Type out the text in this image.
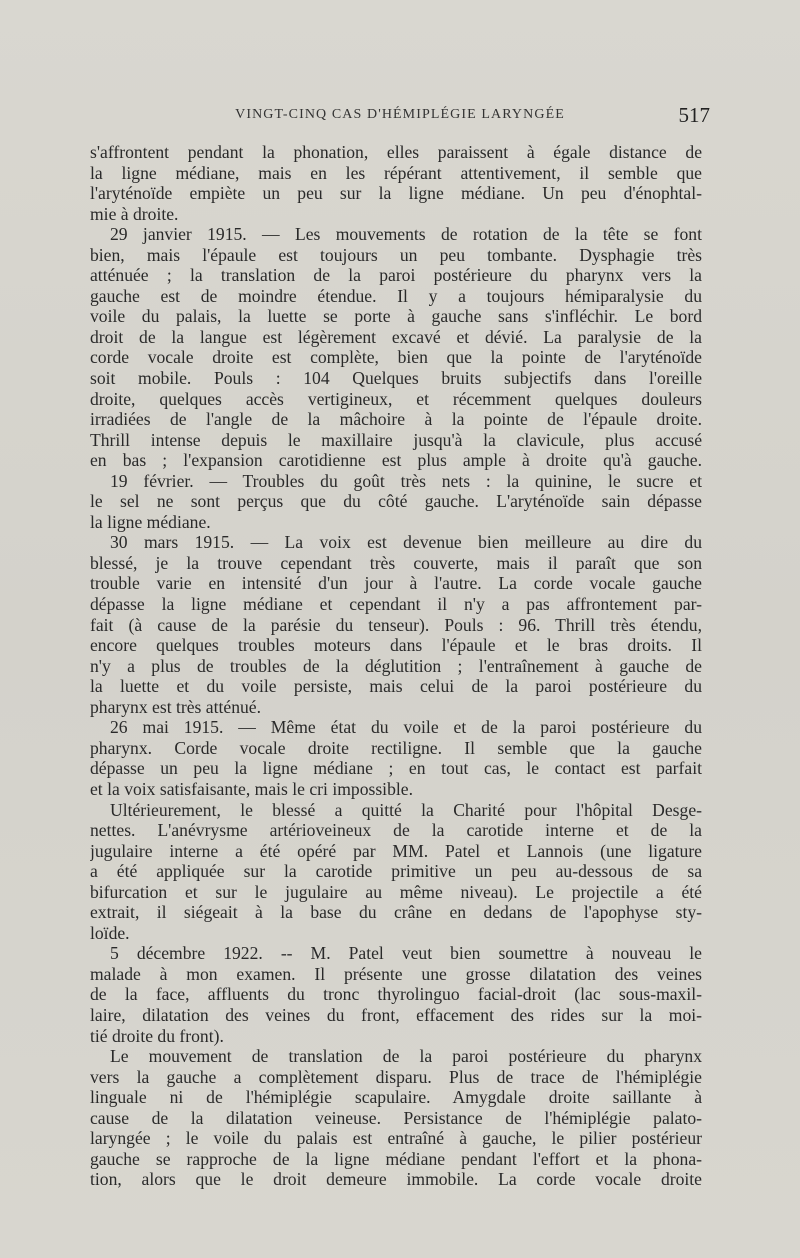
VINGT-CINQ CAS D'HÉMIPLÉGIE LARYNGÉE	517
s'affrontent pendant la phonation, elles paraissent à égale distance de
la ligne médiane, mais en les répérant attentivement, il semble que
l'aryténoïde empiète un peu sur la ligne médiane. Un peu d'énophtal-
mie à droite.
29 janvier 1915. — Les mouvements de rotation de la tête se font
bien, mais l'épaule est toujours un peu tombante. Dysphagie très
atténuée ; la translation de la paroi postérieure du pharynx vers la
gauche est de moindre étendue. Il y a toujours hémiparalysie du
voile du palais, la luette se porte à gauche sans s'infléchir. Le bord
droit de la langue est légèrement excavé et dévié. La paralysie de la
corde vocale droite est complète, bien que la pointe de l'aryténoïde
soit mobile. Pouls : 104 Quelques bruits subjectifs dans l'oreille
droite, quelques accès vertigineux, et récemment quelques douleurs
irradiées de l'angle de la mâchoire à la pointe de l'épaule droite.
Thrill intense depuis le maxillaire jusqu'à la clavicule, plus accusé
en bas ; l'expansion carotidienne est plus ample à droite qu'à gauche.
19 février. — Troubles du goût très nets : la quinine, le sucre et
le sel ne sont perçus que du côté gauche. L'aryténoïde sain dépasse
la ligne médiane.
30 mars 1915. — La voix est devenue bien meilleure au dire du
blessé, je la trouve cependant très couverte, mais il paraît que son
trouble varie en intensité d'un jour à l'autre. La corde vocale gauche
dépasse la ligne médiane et cependant il n'y a pas affrontement par-
fait (à cause de la parésie du tenseur). Pouls : 96. Thrill très étendu,
encore quelques troubles moteurs dans l'épaule et le bras droits. Il
n'y a plus de troubles de la déglutition ; l'entraînement à gauche de
la luette et du voile persiste, mais celui de la paroi postérieure du
pharynx est très atténué.
26 mai 1915. — Même état du voile et de la paroi postérieure du
pharynx. Corde vocale droite rectiligne. Il semble que la gauche
dépasse un peu la ligne médiane ; en tout cas, le contact est parfait
et la voix satisfaisante, mais le cri impossible.
Ultérieurement, le blessé a quitté la Charité pour l'hôpital Desge-
nettes. L'anévrysme artérioveineux de la carotide interne et de la
jugulaire interne a été opéré par MM. Patel et Lannois (une ligature
a été appliquée sur la carotide primitive un peu au-dessous de sa
bifurcation et sur le jugulaire au même niveau). Le projectile a été
extrait, il siégeait à la base du crâne en dedans de l'apophyse sty-
loïde.
5 décembre 1922. -- M. Patel veut bien soumettre à nouveau le
malade à mon examen. Il présente une grosse dilatation des veines
de la face, affluents du tronc thyrolinguo facial-droit (lac sous-maxil-
laire, dilatation des veines du front, effacement des rides sur la moi-
tié droite du front).
Le mouvement de translation de la paroi postérieure du pharynx
vers la gauche a complètement disparu. Plus de trace de l'hémiplégie
linguale ni de l'hémiplégie scapulaire. Amygdale droite saillante à
cause de la dilatation veineuse. Persistance de l'hémiplégie palato-
laryngée ; le voile du palais est entraîné à gauche, le pilier postérieur
gauche se rapproche de la ligne médiane pendant l'effort et la phona-
tion, alors que le droit demeure immobile. La corde vocale droite
